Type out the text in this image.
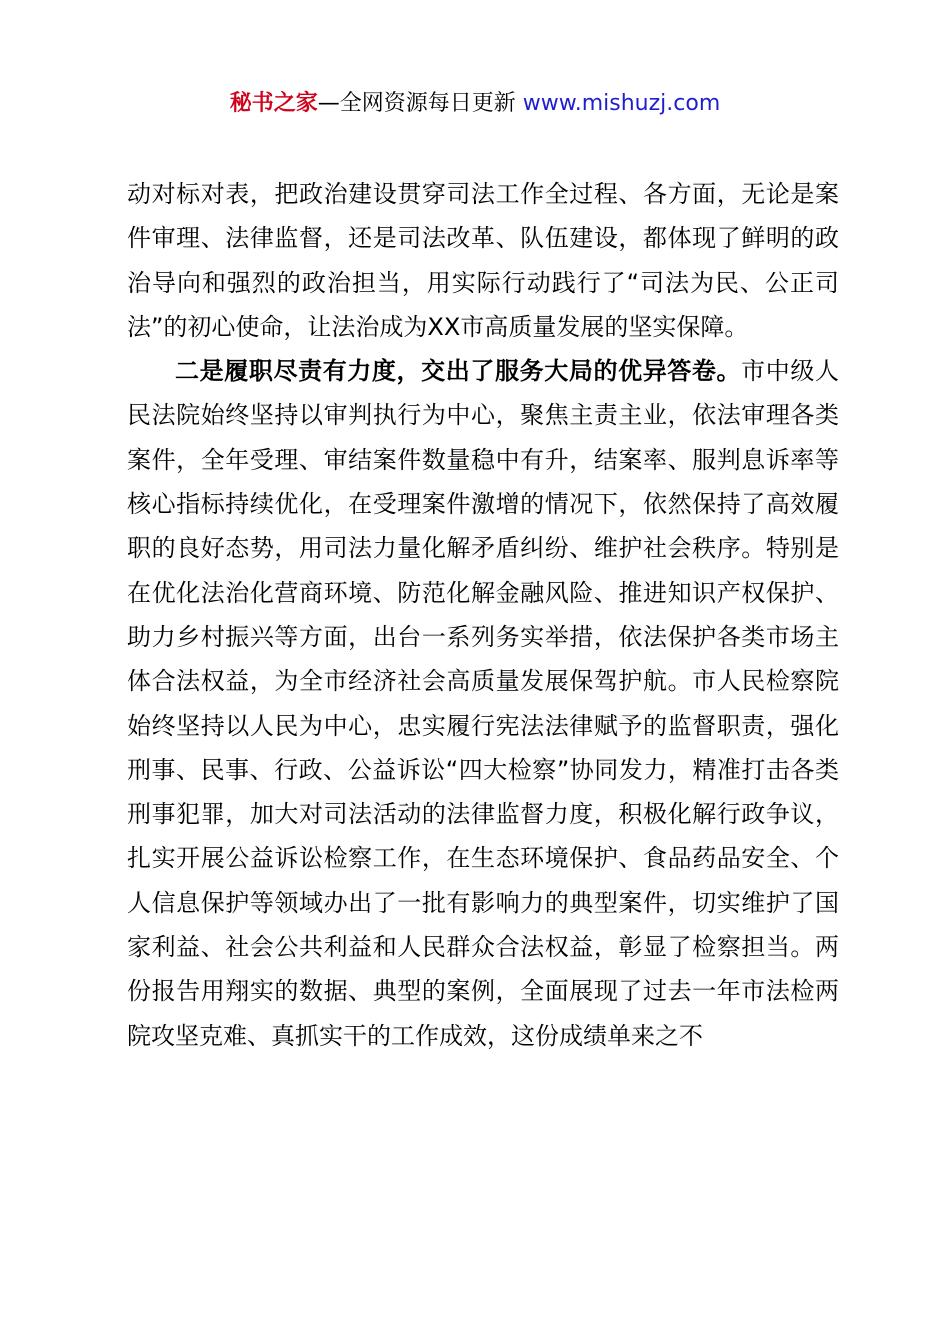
秘书之家—全网资源每日更新 www.mishuzj.com

动对标对表，把政治建设贯穿司法工作全过程、各方面，无论是案件审理、法律监督，还是司法改革、队伍建设，都体现了鲜明的政治导向和强烈的政治担当，用实际行动践行了“司法为民、公正司法”的初心使命，让法治成为XX市高质量发展的坚实保障。

二是履职尽责有力度，交出了服务大局的优异答卷。市中级人民法院始终坚持以审判执行为中心，聚焦主责主业，依法审理各类案件，全年受理、审结案件数量稳中有升，结案率、服判息诉率等核心指标持续优化，在受理案件激增的情况下，依然保持了高效履职的良好态势，用司法力量化解矛盾纠纷、维护社会秩序。特别是在优化法治化营商环境、防范化解金融风险、推进知识产权保护、助力乡村振兴等方面，出台一系列务实举措，依法保护各类市场主体合法权益，为全市经济社会高质量发展保驾护航。市人民检察院始终坚持以人民为中心，忠实履行宪法法律赋予的监督职责，强化刑事、民事、行政、公益诉讼“四大检察”协同发力，精准打击各类刑事犯罪，加大对司法活动的法律监督力度，积极化解行政争议，扎实开展公益诉讼检察工作，在生态环境保护、食品药品安全、个人信息保护等领域办出了一批有影响力的典型案件，切实维护了国家利益、社会公共利益和人民群众合法权益，彰显了检察担当。两份报告用翔实的数据、典型的案例，全面展现了过去一年市法检两院攻坚克难、真抓实干的工作成效，这份成绩单来之不
